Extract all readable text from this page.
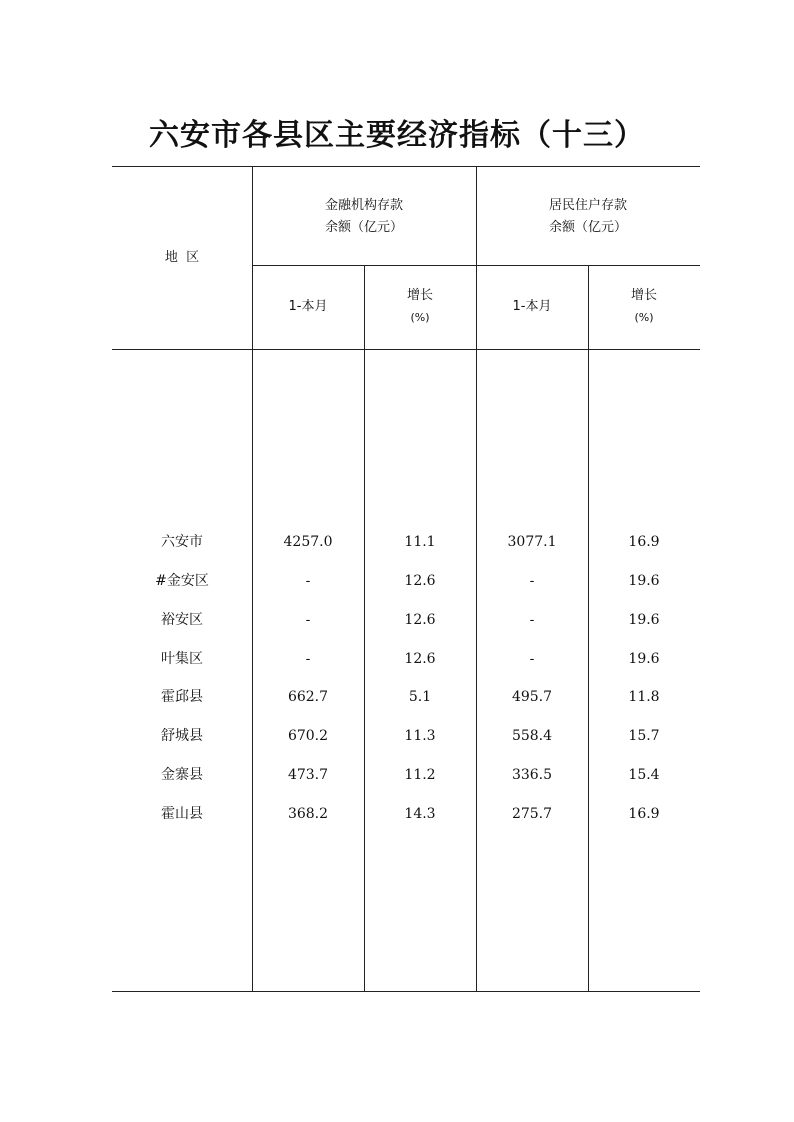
六安市各县区主要经济指标（十三）
地  区
金融机构存款
余额（亿元）
居民住户存款
余额（亿元）
1-本月
增长
(%)
1-本月
增长
(%)
六安市	4257.0	11.1	3077.1	16.9
#金安区	-	12.6	-	19.6
裕安区	-	12.6	-	19.6
叶集区	-	12.6	-	19.6
霍邱县	662.7	5.1	495.7	11.8
舒城县	670.2	11.3	558.4	15.7
金寨县	473.7	11.2	336.5	15.4
霍山县	368.2	14.3	275.7	16.9
